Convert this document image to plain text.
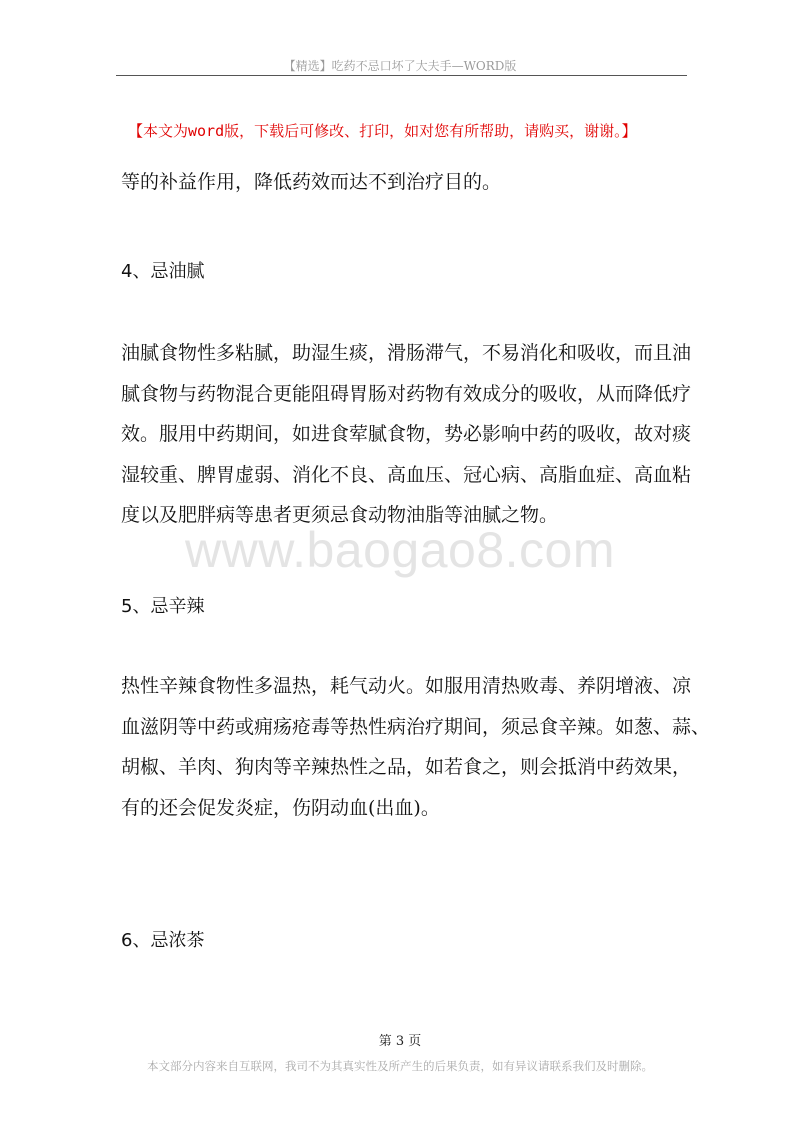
【精选】吃药不忌口坏了大夫手—WORD版
【本文为word版，下载后可修改、打印，如对您有所帮助，请购买，谢谢。】
等的补益作用，降低药效而达不到治疗目的。
4、忌油腻
油腻食物性多粘腻，助湿生痰，滑肠滞气，不易消化和吸收，而且油
腻食物与药物混合更能阻碍胃肠对药物有效成分的吸收，从而降低疗
效。服用中药期间，如进食荤腻食物，势必影响中药的吸收，故对痰
湿较重、脾胃虚弱、消化不良、高血压、冠心病、高脂血症、高血粘
度以及肥胖病等患者更须忌食动物油脂等油腻之物。
www.baogao8.com
5、忌辛辣
热性辛辣食物性多温热，耗气动火。如服用清热败毒、养阴增液、凉
血滋阴等中药或痈疡疮毒等热性病治疗期间，须忌食辛辣。如葱、蒜、
胡椒、羊肉、狗肉等辛辣热性之品，如若食之，则会抵消中药效果，
有的还会促发炎症，伤阴动血(出血)。
6、忌浓茶
第 3 页
本文部分内容来自互联网，我司不为其真实性及所产生的后果负责，如有异议请联系我们及时删除。
